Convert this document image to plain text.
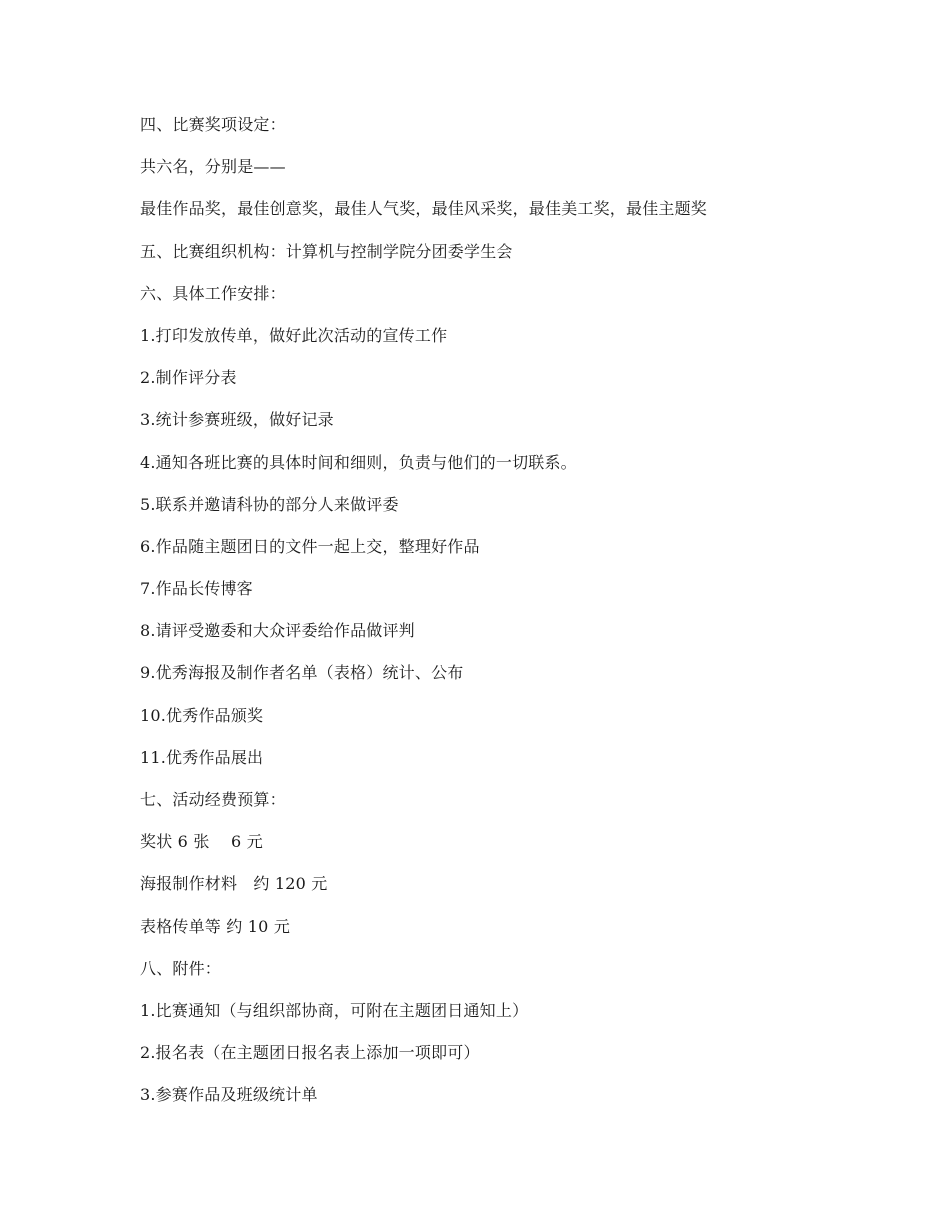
四、比赛奖项设定：
共六名，分别是——
最佳作品奖，最佳创意奖，最佳人气奖，最佳风采奖，最佳美工奖，最佳主题奖
五、比赛组织机构：计算机与控制学院分团委学生会
六、具体工作安排：
1.打印发放传单，做好此次活动的宣传工作
2.制作评分表
3.统计参赛班级，做好记录
4.通知各班比赛的具体时间和细则，负责与他们的一切联系。
5.联系并邀请科协的部分人来做评委
6.作品随主题团日的文件一起上交，整理好作品
7.作品长传博客
8.请评受邀委和大众评委给作品做评判
9.优秀海报及制作者名单（表格）统计、公布
10.优秀作品颁奖
11.优秀作品展出
七、活动经费预算：
奖状 6 张　 6 元
海报制作材料　约 120 元
表格传单等 约 10 元
八、附件：
1.比赛通知（与组织部协商，可附在主题团日通知上）
2.报名表（在主题团日报名表上添加一项即可）
3.参赛作品及班级统计单
